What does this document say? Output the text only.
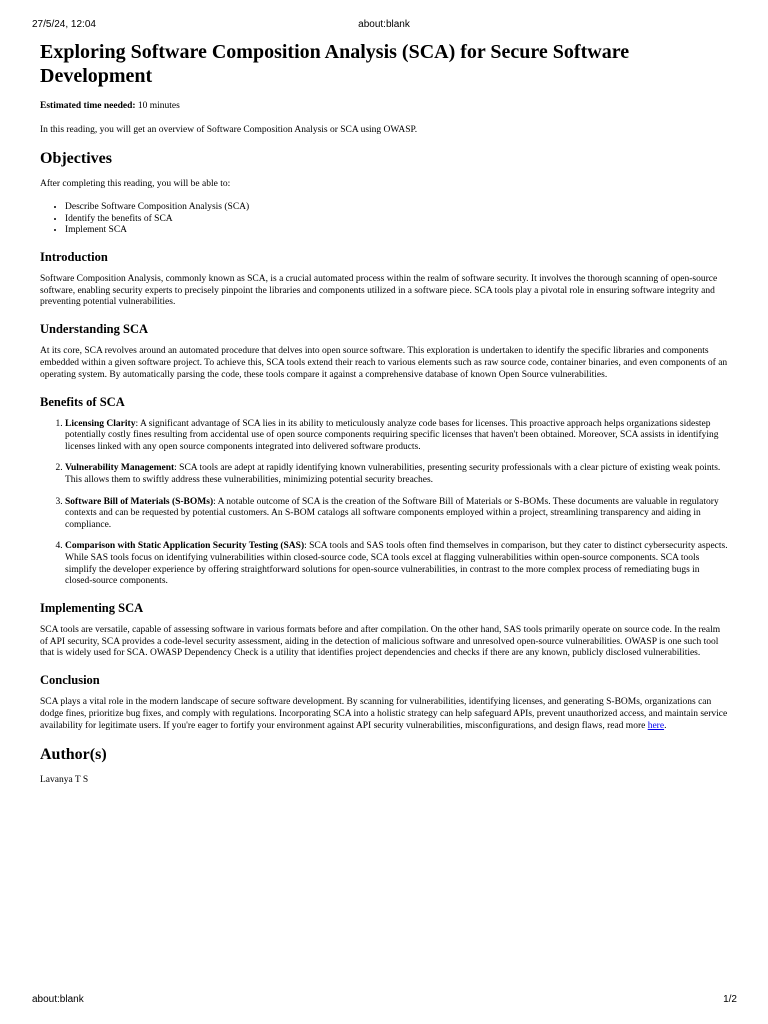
27/5/24, 12:04	about:blank
Exploring Software Composition Analysis (SCA) for Secure Software Development

Estimated time needed: 10 minutes

In this reading, you will get an overview of Software Composition Analysis or SCA using OWASP.

Objectives

After completing this reading, you will be able to:

• Describe Software Composition Analysis (SCA)
• Identify the benefits of SCA
• Implement SCA
Introduction

Software Composition Analysis, commonly known as SCA, is a crucial automated process within the realm of software security. It involves the thorough scanning of open-source software, enabling security experts to precisely pinpoint the libraries and components utilized in a software piece. SCA tools play a pivotal role in ensuring software integrity and preventing potential vulnerabilities.

Understanding SCA

At its core, SCA revolves around an automated procedure that delves into open source software. This exploration is undertaken to identify the specific libraries and components embedded within a given software project. To achieve this, SCA tools extend their reach to various elements such as raw source code, container binaries, and even components of an operating system. By automatically parsing the code, these tools compare it against a comprehensive database of known Open Source vulnerabilities.

Benefits of SCA
1. Licensing Clarity: A significant advantage of SCA lies in its ability to meticulously analyze code bases for licenses. This proactive approach helps organizations sidestep potentially costly fines resulting from accidental use of open source components requiring specific licenses that haven't been obtained. Moreover, SCA assists in identifying licenses linked with any open source components integrated into delivered software products.
2. Vulnerability Management: SCA tools are adept at rapidly identifying known vulnerabilities, presenting security professionals with a clear picture of existing weak points. This allows them to swiftly address these vulnerabilities, minimizing potential security breaches.
3. Software Bill of Materials (S-BOMs): A notable outcome of SCA is the creation of the Software Bill of Materials or S-BOMs. These documents are valuable in regulatory contexts and can be requested by potential customers. An S-BOM catalogs all software components employed within a project, streamlining transparency and aiding in compliance.
4. Comparison with Static Application Security Testing (SAS): SCA tools and SAS tools often find themselves in comparison, but they cater to distinct cybersecurity aspects. While SAS tools focus on identifying vulnerabilities within closed-source code, SCA tools excel at flagging vulnerabilities within open-source components. SCA tools simplify the developer experience by offering straightforward solutions for open-source vulnerabilities, in contrast to the more complex process of remediating bugs in closed-source components.
Implementing SCA

SCA tools are versatile, capable of assessing software in various formats before and after compilation. On the other hand, SAS tools primarily operate on source code. In the realm of API security, SCA provides a code-level security assessment, aiding in the detection of malicious software and unresolved open-source vulnerabilities. OWASP is one such tool that is widely used for SCA. OWASP Dependency Check is a utility that identifies project dependencies and checks if there are any known, publicly disclosed vulnerabilities.

Conclusion

SCA plays a vital role in the modern landscape of secure software development. By scanning for vulnerabilities, identifying licenses, and generating S-BOMs, organizations can dodge fines, prioritize bug fixes, and comply with regulations. Incorporating SCA into a holistic strategy can help safeguard APIs, prevent unauthorized access, and maintain service availability for legitimate users. If you're eager to fortify your environment against API security vulnerabilities, misconfigurations, and design flaws, read more here.

Author(s)

Lavanya T S

about:blank	1/2
